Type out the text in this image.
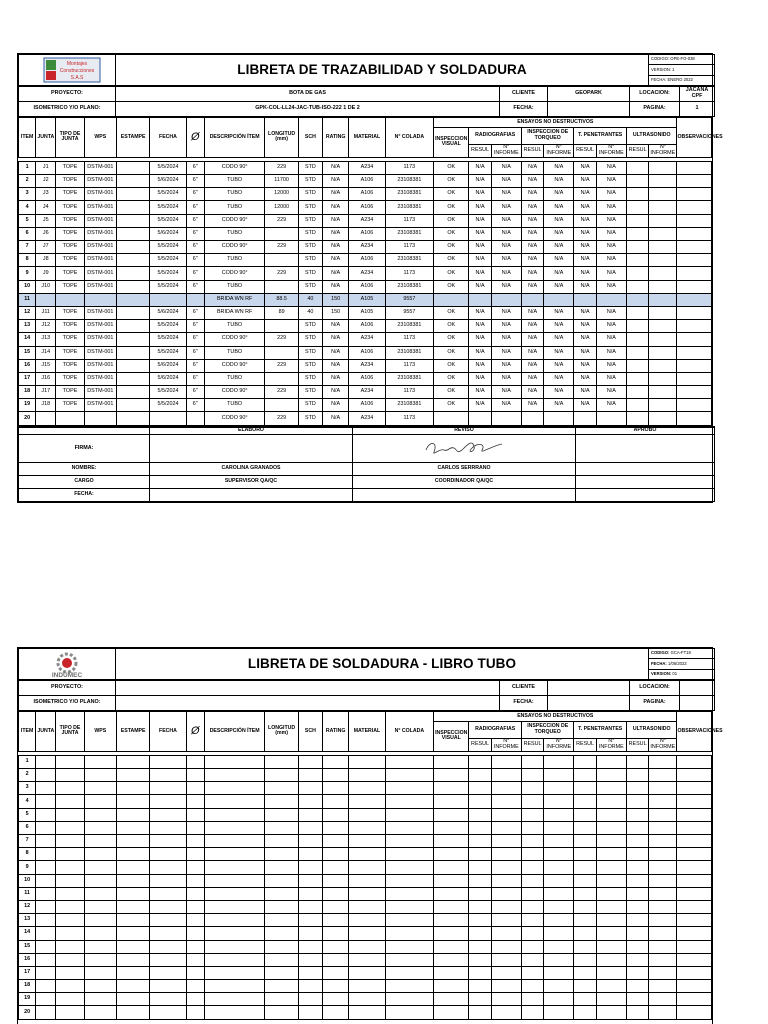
Montajes
Construcciones
S.A.S
	LIBRETA DE TRAZABILIDAD Y SOLDADURA	CODIGO: OPE-FO-038
VERSION: 1
FECHA: ENERO 2022
PROYECTO:	BOTA DE GAS	CLIENTE	GEOPARK	LOCACION:	JACANA CPF
ISOMETRICO Y/O PLANO:	GPK-COL-LL24-JAC-TUB-ISO-222 1 DE 2	FECHA:		PAGINA:	1
ITEM	JUNTA	TIPO DE JUNTA	WPS	ESTAMPE	FECHA	Ø	DESCRIPCIÓN ÍTEM	LONGITUD (mm)	SCH	RATING	MATERIAL	N° COLADA	ENSAYOS NO DESTRUCTIVOS									OBSERVACIONES
													INSPECCION VISUAL	RADIOGRAFIAS		INSPECCION DE TORQUEO		T. PENETRANTES		ULTRASONIDO		
														RESUL	N° INFORME	RESUL	N° INFORME	RESUL	N° INFORME	RESUL	N° INFORME	

1	J1	TOPE	DSTM-001		5/5/2024	6"	CODO 90°	229	STD	N/A	A234	1173	OK	N/A	N/A	N/A	N/A	N/A	N/A			
2	J2	TOPE	DSTM-001		5/6/2024	6"	TUBO	11700	STD	N/A	A106	23108381	OK	N/A	N/A	N/A	N/A	N/A	N/A			
3	J3	TOPE	DSTM-001		5/5/2024	6"	TUBO	12000	STD	N/A	A106	23108381	OK	N/A	N/A	N/A	N/A	N/A	N/A			
4	J4	TOPE	DSTM-001		5/5/2024	6"	TUBO	12000	STD	N/A	A106	23108381	OK	N/A	N/A	N/A	N/A	N/A	N/A			
5	J5	TOPE	DSTM-001		5/5/2024	6"	CODO 90°	229	STD	N/A	A234	1173	OK	N/A	N/A	N/A	N/A	N/A	N/A			
6	J6	TOPE	DSTM-001		5/6/2024	6"	TUBO		STD	N/A	A106	23108381	OK	N/A	N/A	N/A	N/A	N/A	N/A			
7	J7	TOPE	DSTM-001		5/5/2024	6"	CODO 90°	229	STD	N/A	A234	1173	OK	N/A	N/A	N/A	N/A	N/A	N/A			
8	J8	TOPE	DSTM-001		5/5/2024	6"	TUBO		STD	N/A	A106	23108381	OK	N/A	N/A	N/A	N/A	N/A	N/A			
9	J9	TOPE	DSTM-001		5/5/2024	6"	CODO 90°	229	STD	N/A	A234	1173	OK	N/A	N/A	N/A	N/A	N/A	N/A			
10	J10	TOPE	DSTM-001		5/5/2024	6"	TUBO		STD	N/A	A106	23108381	OK	N/A	N/A	N/A	N/A	N/A	N/A			
11							BRIDA WN RF	88.5	40	150	A105	9557										
12	J11	TOPE	DSTM-001		5/6/2024	6"	BRIDA WN RF	89	40	150	A105	9557	OK	N/A	N/A	N/A	N/A	N/A	N/A			
13	J12	TOPE	DSTM-001		5/5/2024	6"	TUBO		STD	N/A	A106	23108381	OK	N/A	N/A	N/A	N/A	N/A	N/A			
14	J13	TOPE	DSTM-001		5/5/2024	6"	CODO 90°	229	STD	N/A	A234	1173	OK	N/A	N/A	N/A	N/A	N/A	N/A			
15	J14	TOPE	DSTM-001		5/5/2024	6"	TUBO		STD	N/A	A106	23108381	OK	N/A	N/A	N/A	N/A	N/A	N/A			
16	J15	TOPE	DSTM-001		5/6/2024	6"	CODO 90°	229	STD	N/A	A234	1173	OK	N/A	N/A	N/A	N/A	N/A	N/A			
17	J16	TOPE	DSTM-001		5/6/2024	6"	TUBO		STD	N/A	A106	23108381	OK	N/A	N/A	N/A	N/A	N/A	N/A			
18	J17	TOPE	DSTM-001		5/5/2024	6"	CODO 90°	229	STD	N/A	A234	1173	OK	N/A	N/A	N/A	N/A	N/A	N/A			
19	J18	TOPE	DSTM-001		5/5/2024	6"	TUBO		STD	N/A	A106	23108381	OK	N/A	N/A	N/A	N/A	N/A	N/A			
20							CODO 90°	229	STD	N/A	A234	1173										
	ELABORO	REVISO	APROBO
FIRMA:			
NOMBRE:	CAROLINA GRANADOS	CARLOS SERRRANO	
CARGO	SUPERVISOR QA/QC	COORDINADOR QA/QC	
FECHA:			
INDUMEC
	LIBRETA DE SOLDADURA - LIBRO TUBO	CODIGO: GCA-FT18
FECHA: 1/06/2023
VERSION: 01
PROYECTO:		CLIENTE		LOCACION:	
ISOMETRICO Y/O PLANO:		FECHA:		PAGINA:	
ITEM	JUNTA	TIPO DE JUNTA	WPS	ESTAMPE	FECHA	Ø	DESCRIPCIÓN ÍTEM	LONGITUD (mm)	SCH	RATING	MATERIAL	N° COLADA	ENSAYOS NO DESTRUCTIVOS									OBSERVACIONES
													INSPECCION VISUAL	RADIOGRAFIAS		INSPECCION DE TORQUEO		T. PENETRANTES		ULTRASONIDO		
														RESUL	N° INFORME	RESUL	N° INFORME	RESUL	N° INFORME	RESUL	N° INFORME	

1																						
2																						
3																						
4																						
5																						
6																						
7																						
8																						
9																						
10																						
11																						
12																						
13																						
14																						
15																						
16																						
17																						
18																						
19																						
20																						
